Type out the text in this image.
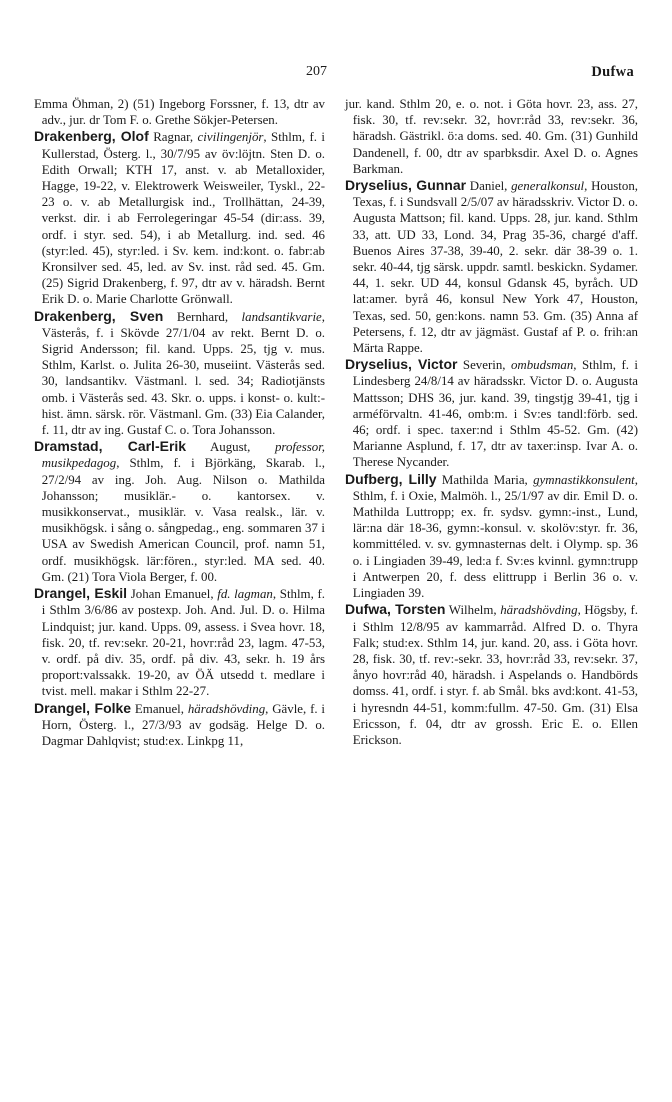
207	Dufwa

Emma Öhman, 2) (51) Ingeborg Forssner, f. 13, dtr av adv., jur. dr Tom F. o. Grethe Sökjer-Petersen.

Drakenberg, Olof Ragnar, civilingenjör, Sthlm, f. i Kullerstad, Österg. l., 30/7/95 av öv:löjtn. Sten D. o. Edith Orwall; KTH 17, anst. v. ab Metalloxider, Hagge, 19-22, v. Elektrowerk Weisweiler, Tyskl., 22-23 o. v. ab Metallurgisk ind., Trollhättan, 24-39, verkst. dir. i ab Ferrolegeringar 45-54 (dir:ass. 39, ordf. i styr. sed. 54), i ab Metallurg. ind. sed. 46 (styr:led. 45), styr:led. i Sv. kem. ind:kont. o. fabr:ab Kronsilver sed. 45, led. av Sv. inst. råd sed. 45. Gm. (25) Sigrid Drakenberg, f. 97, dtr av v. häradsh. Bernt Erik D. o. Marie Charlotte Grönwall.

Drakenberg, Sven Bernhard, landsantikvarie, Västerås, f. i Skövde 27/1/04 av rekt. Bernt D. o. Sigrid Andersson; fil. kand. Upps. 25, tjg v. mus. Sthlm, Karlst. o. Julita 26-30, museiint. Västerås sed. 30, landsantikv. Västmanl. l. sed. 34; Radiotjänsts omb. i Västerås sed. 43. Skr. o. upps. i konst- o. kult:-hist. ämn. särsk. rör. Västmanl. Gm. (33) Eia Calander, f. 11, dtr av ing. Gustaf C. o. Tora Johansson.

Dramstad, Carl-Erik August, professor, musikpedagog, Sthlm, f. i Björkäng, Skarab. l., 27/2/94 av ing. Joh. Aug. Nilson o. Mathilda Johansson; musiklär.- o. kantorsex. v. musikkonservat., musiklär. v. Vasa realsk., lär. v. musikhögsk. i sång o. sångpedag., eng. sommaren 37 i USA av Swedish American Council, prof. namn 51, ordf. musikhögsk. lär:fören., styr:led. MA sed. 40. Gm. (21) Tora Viola Berger, f. 00.

Drangel, Eskil Johan Emanuel, fd. lagman, Sthlm, f. i Sthlm 3/6/86 av postexp. Joh. And. Jul. D. o. Hilma Lindquist; jur. kand. Upps. 09, assess. i Svea hovr. 18, fisk. 20, tf. rev:sekr. 20-21, hovr:råd 23, lagm. 47-53, v. ordf. på div. 35, ordf. på div. 43, sekr. h. 19 års proport:valssakk. 19-20, av ÖÄ utsedd t. medlare i tvist. mell. makar i Sthlm 22-27.

Drangel, Folke Emanuel, häradshövding, Gävle, f. i Horn, Österg. l., 27/3/93 av godsäg. Helge D. o. Dagmar Dahlqvist; stud:ex. Linkpg 11,

jur. kand. Sthlm 20, e. o. not. i Göta hovr. 23, ass. 27, fisk. 30, tf. rev:sekr. 32, hovr:råd 33, rev:sekr. 36, häradsh. Gästrikl. ö:a doms. sed. 40. Gm. (31) Gunhild Dandenell, f. 00, dtr av sparbksdir. Axel D. o. Agnes Barkman.

Dryselius, Gunnar Daniel, generalkonsul, Houston, Texas, f. i Sundsvall 2/5/07 av häradsskriv. Victor D. o. Augusta Mattson; fil. kand. Upps. 28, jur. kand. Sthlm 33, att. UD 33, Lond. 34, Prag 35-36, chargé d'aff. Buenos Aires 37-38, 39-40, 2. sekr. där 38-39 o. 1. sekr. 40-44, tjg särsk. uppdr. samtl. beskickn. Sydamer. 44, 1. sekr. UD 44, konsul Gdansk 45, byråch. UD lat:amer. byrå 46, konsul New York 47, Houston, Texas, sed. 50, gen:kons. namn 53. Gm. (35) Anna af Petersens, f. 12, dtr av jägmäst. Gustaf af P. o. frih:an Märta Rappe.

Dryselius, Victor Severin, ombudsman, Sthlm, f. i Lindesberg 24/8/14 av häradsskr. Victor D. o. Augusta Mattsson; DHS 36, jur. kand. 39, tingstjg 39-41, tjg i arméförvaltn. 41-46, omb:m. i Sv:es tandl:förb. sed. 46; ordf. i spec. taxer:nd i Sthlm 45-52. Gm. (42) Marianne Asplund, f. 17, dtr av taxer:insp. Ivar A. o. Therese Nycander.

Dufberg, Lilly Mathilda Maria, gymnastikkonsulent, Sthlm, f. i Oxie, Malmöh. l., 25/1/97 av dir. Emil D. o. Mathilda Luttropp; ex. fr. sydsv. gymn:-inst., Lund, lär:na där 18-36, gymn:-konsul. v. skolöv:styr. fr. 36, kommittéled. v. sv. gymnasternas delt. i Olymp. sp. 36 o. i Lingiaden 39-49, led:a f. Sv:es kvinnl. gymn:trupp i Antwerpen 20, f. dess elittrupp i Berlin 36 o. v. Lingiaden 39.

Dufwa, Torsten Wilhelm, häradshövding, Högsby, f. i Sthlm 12/8/95 av kammarråd. Alfred D. o. Thyra Falk; stud:ex. Sthlm 14, jur. kand. 20, ass. i Göta hovr. 28, fisk. 30, tf. rev:-sekr. 33, hovr:råd 33, rev:sekr. 37, ånyo hovr:råd 40, häradsh. i Aspelands o. Handbörds domss. 41, ordf. i styr. f. ab Smål. bks avd:kont. 41-53, i hyresndn 44-51, komm:fullm. 47-50. Gm. (31) Elsa Ericsson, f. 04, dtr av grossh. Eric E. o. Ellen Erickson.
